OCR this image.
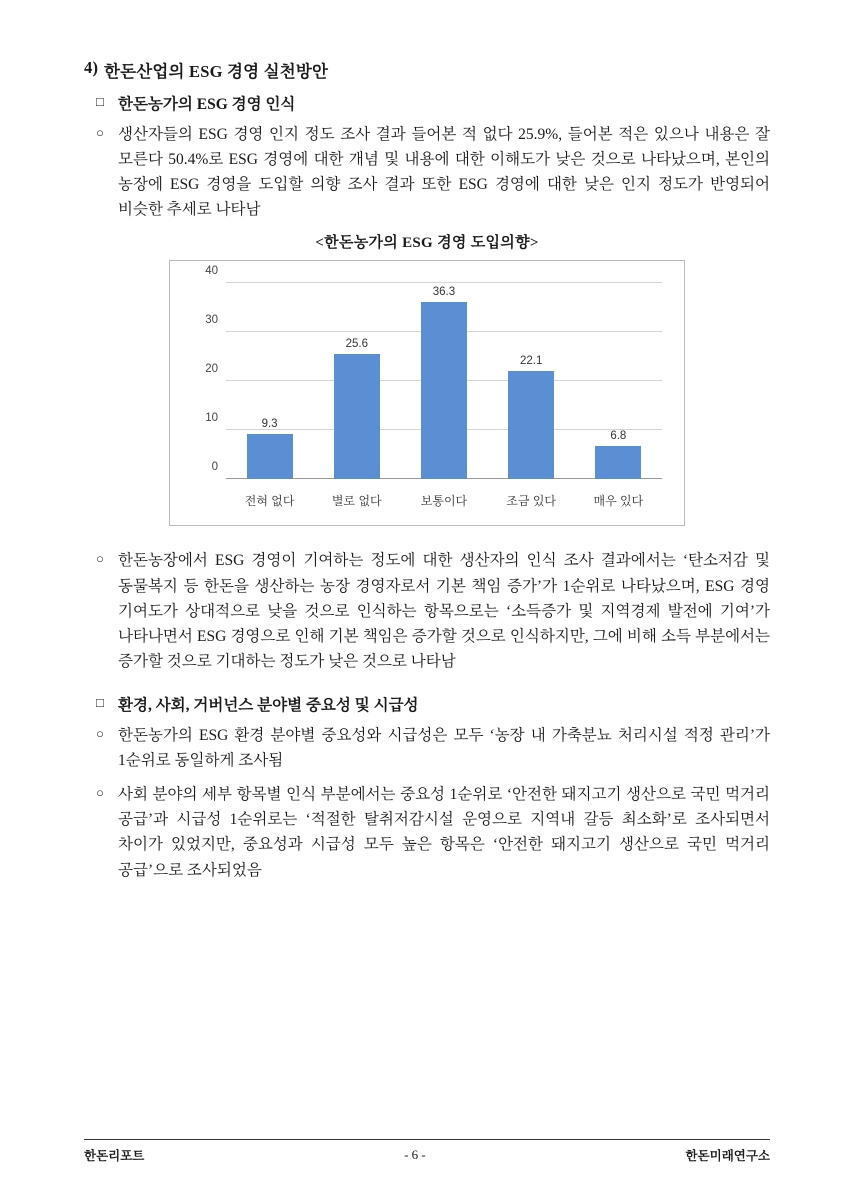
4) 한돈산업의 ESG 경영 실천방안
□ 한돈농가의 ESG 경영 인식
○ 생산자들의 ESG 경영 인지 정도 조사 결과 들어본 적 없다 25.9%, 들어본 적은 있으나 내용은 잘 모른다 50.4%로 ESG 경영에 대한 개념 및 내용에 대한 이해도가 낮은 것으로 나타났으며, 본인의 농장에 ESG 경영을 도입할 의향 조사 결과 또한 ESG 경영에 대한 낮은 인지 정도가 반영되어 비슷한 추세로 나타남
<한돈농가의 ESG 경영 도입의향>
40
30
20
10
0
9.3
25.6
36.3
22.1
6.8
전혀 없다	별로 없다	보통이다	조금 있다	매우 있다
○ 한돈농장에서 ESG 경영이 기여하는 정도에 대한 생산자의 인식 조사 결과에서는 ‘탄소저감 및 동물복지 등 한돈을 생산하는 농장 경영자로서 기본 책임 증가’가 1순위로 나타났으며, ESG 경영 기여도가 상대적으로 낮을 것으로 인식하는 항목으로는 ‘소득증가 및 지역경제 발전에 기여’가 나타나면서 ESG 경영으로 인해 기본 책임은 증가할 것으로 인식하지만, 그에 비해 소득 부분에서는 증가할 것으로 기대하는 정도가 낮은 것으로 나타남
□ 환경, 사회, 거버넌스 분야별 중요성 및 시급성
○ 한돈농가의 ESG 환경 분야별 중요성와 시급성은 모두 ‘농장 내 가축분뇨 처리시설 적정 관리’가 1순위로 동일하게 조사됨
○ 사회 분야의 세부 항목별 인식 부분에서는 중요성 1순위로 ‘안전한 돼지고기 생산으로 국민 먹거리 공급’과 시급성 1순위로는 ‘적절한 탈취저감시설 운영으로 지역내 갈등 최소화’로 조사되면서 차이가 있었지만, 중요성과 시급성 모두 높은 항목은 ‘안전한 돼지고기 생산으로 국민 먹거리 공급’으로 조사되었음
한돈리포트	- 6 -	한돈미래연구소
